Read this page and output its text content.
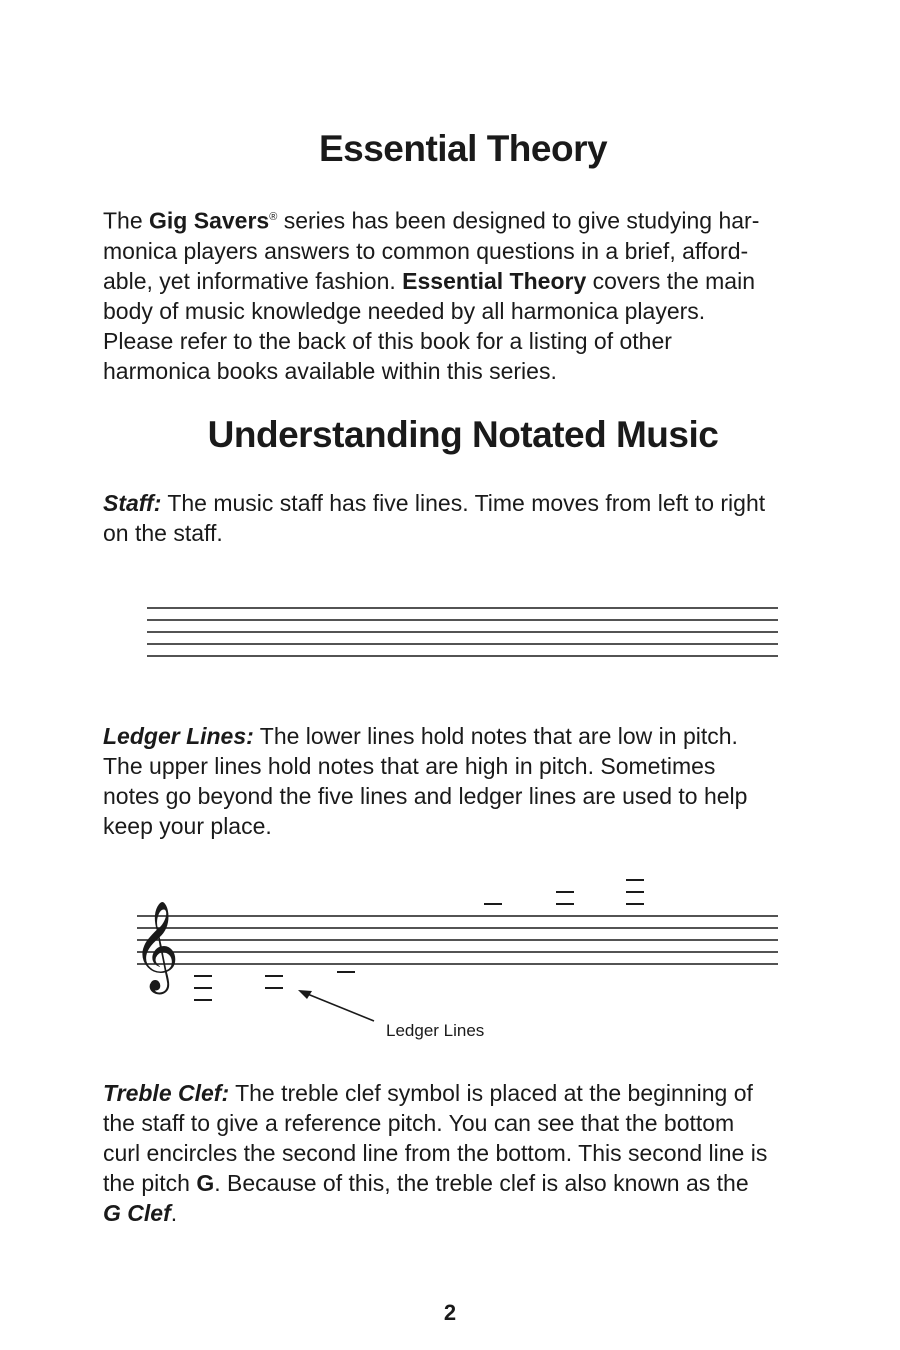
Essential Theory

The Gig Savers® series has been designed to give studying har-
monica players answers to common questions in a brief, afford-
able, yet informative fashion. Essential Theory covers the main
body of music knowledge needed by all harmonica players.
Please refer to the back of this book for a listing of other
harmonica books available within this series.

Understanding Notated Music

Staff: The music staff has five lines. Time moves from left to right
on the staff.

Ledger Lines: The lower lines hold notes that are low in pitch.
The upper lines hold notes that are high in pitch. Sometimes
notes go beyond the five lines and ledger lines are used to help
keep your place.

𝄞

Ledger Lines

Treble Clef: The treble clef symbol is placed at the beginning of
the staff to give a reference pitch. You can see that the bottom
curl encircles the second line from the bottom. This second line is
the pitch G. Because of this, the treble clef is also known as the
G Clef.

2
